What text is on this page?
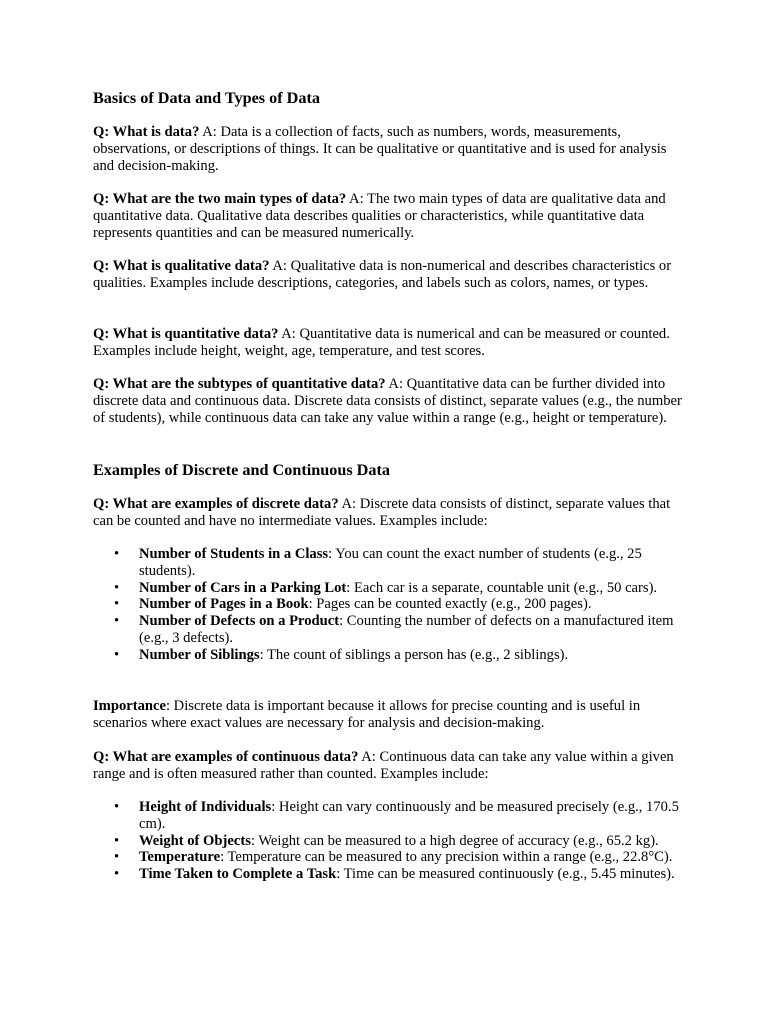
Basics of Data and Types of Data

Q: What is data? A: Data is a collection of facts, such as numbers, words, measurements, observations, or descriptions of things. It can be qualitative or quantitative and is used for analysis and decision-making.

Q: What are the two main types of data? A: The two main types of data are qualitative data and quantitative data. Qualitative data describes qualities or characteristics, while quantitative data represents quantities and can be measured numerically.

Q: What is qualitative data? A: Qualitative data is non-numerical and describes characteristics or qualities. Examples include descriptions, categories, and labels such as colors, names, or types.

Q: What is quantitative data? A: Quantitative data is numerical and can be measured or counted. Examples include height, weight, age, temperature, and test scores.

Q: What are the subtypes of quantitative data? A: Quantitative data can be further divided into discrete data and continuous data. Discrete data consists of distinct, separate values (e.g., the number of students), while continuous data can take any value within a range (e.g., height or temperature).

Examples of Discrete and Continuous Data

Q: What are examples of discrete data? A: Discrete data consists of distinct, separate values that can be counted and have no intermediate values. Examples include:

• Number of Students in a Class: You can count the exact number of students (e.g., 25 students).
• Number of Cars in a Parking Lot: Each car is a separate, countable unit (e.g., 50 cars).
• Number of Pages in a Book: Pages can be counted exactly (e.g., 200 pages).
• Number of Defects on a Product: Counting the number of defects on a manufactured item (e.g., 3 defects).
• Number of Siblings: The count of siblings a person has (e.g., 2 siblings).

Importance: Discrete data is important because it allows for precise counting and is useful in scenarios where exact values are necessary for analysis and decision-making.

Q: What are examples of continuous data? A: Continuous data can take any value within a given range and is often measured rather than counted. Examples include:

• Height of Individuals: Height can vary continuously and be measured precisely (e.g., 170.5 cm).
• Weight of Objects: Weight can be measured to a high degree of accuracy (e.g., 65.2 kg).
• Temperature: Temperature can be measured to any precision within a range (e.g., 22.8°C).
• Time Taken to Complete a Task: Time can be measured continuously (e.g., 5.45 minutes).
